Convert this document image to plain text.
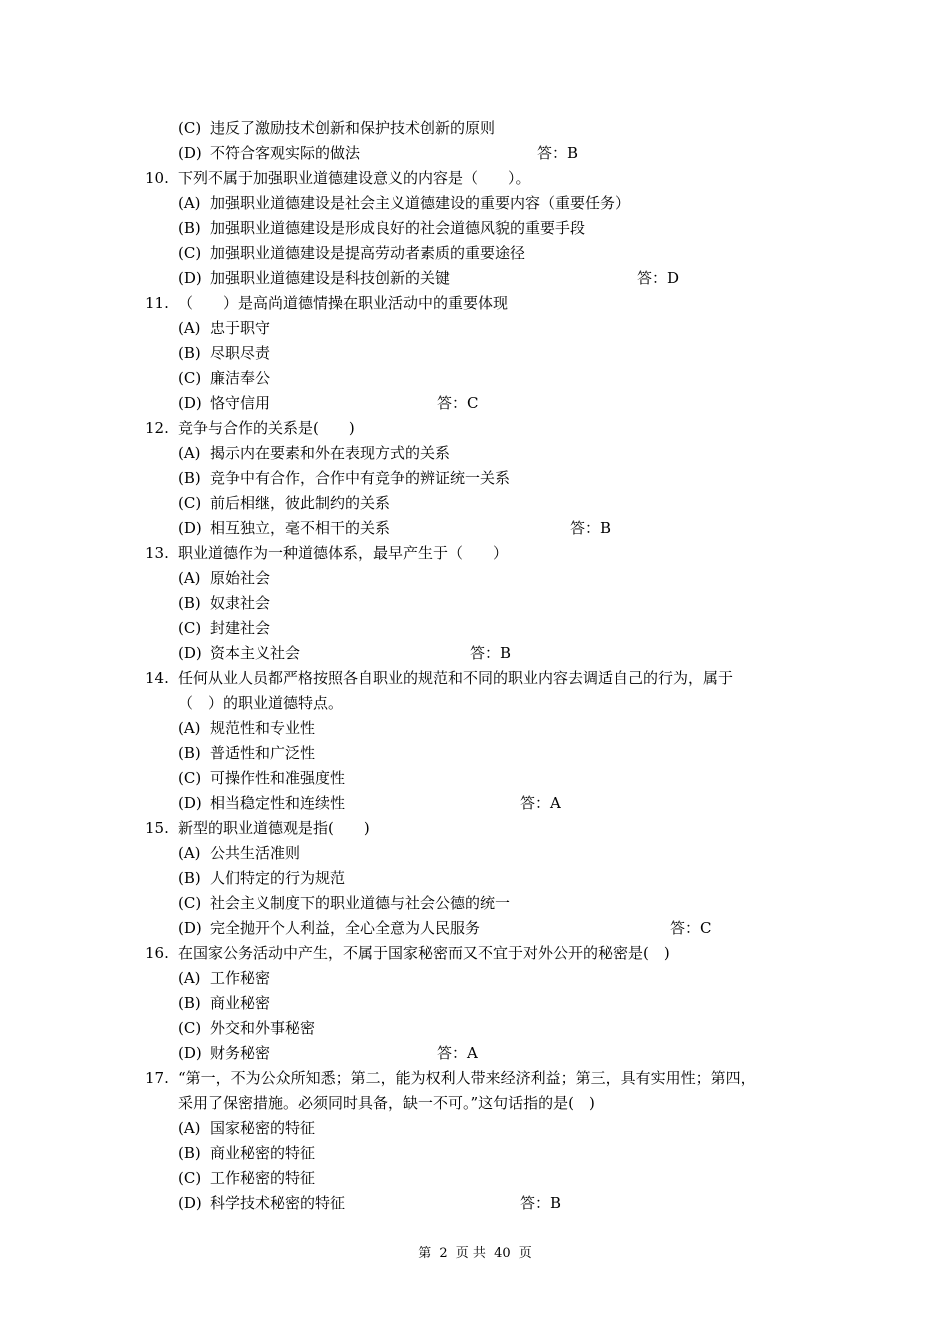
(C) 违反了激励技术创新和保护技术创新的原则
(D) 不符合客观实际的做法	答：B
10. 下列不属于加强职业道德建设意义的内容是（　　）。
(A) 加强职业道德建设是社会主义道德建设的重要内容（重要任务）
(B) 加强职业道德建设是形成良好的社会道德风貌的重要手段
(C) 加强职业道德建设是提高劳动者素质的重要途径
(D) 加强职业道德建设是科技创新的关键	答：D
11. （　　）是高尚道德情操在职业活动中的重要体现
(A) 忠于职守
(B) 尽职尽责
(C) 廉洁奉公
(D) 恪守信用	答：C
12. 竞争与合作的关系是(　　)
(A) 揭示内在要素和外在表现方式的关系
(B) 竞争中有合作，合作中有竞争的辨证统一关系
(C) 前后相继，彼此制约的关系
(D) 相互独立，毫不相干的关系	答：B
13. 职业道德作为一种道德体系，最早产生于（　　）
(A) 原始社会
(B) 奴隶社会
(C) 封建社会
(D) 资本主义社会	答：B
14. 任何从业人员都严格按照各自职业的规范和不同的职业内容去调适自己的行为，属于
（　）的职业道德特点。
(A) 规范性和专业性
(B) 普适性和广泛性
(C) 可操作性和准强度性
(D) 相当稳定性和连续性	答：A
15. 新型的职业道德观是指(　　)
(A) 公共生活准则
(B) 人们特定的行为规范
(C) 社会主义制度下的职业道德与社会公德的统一
(D) 完全抛开个人利益，全心全意为人民服务	答：C
16. 在国家公务活动中产生，不属于国家秘密而又不宜于对外公开的秘密是(　)
(A) 工作秘密
(B) 商业秘密
(C) 外交和外事秘密
(D) 财务秘密	答：A
17. “第一，不为公众所知悉；第二，能为权利人带来经济利益；第三，具有实用性；第四，
采用了保密措施。必须同时具备，缺一不可。”这句话指的是(　)
(A) 国家秘密的特征
(B) 商业秘密的特征
(C) 工作秘密的特征
(D) 科学技术秘密的特征	答：B
第 2 页 共 40 页
